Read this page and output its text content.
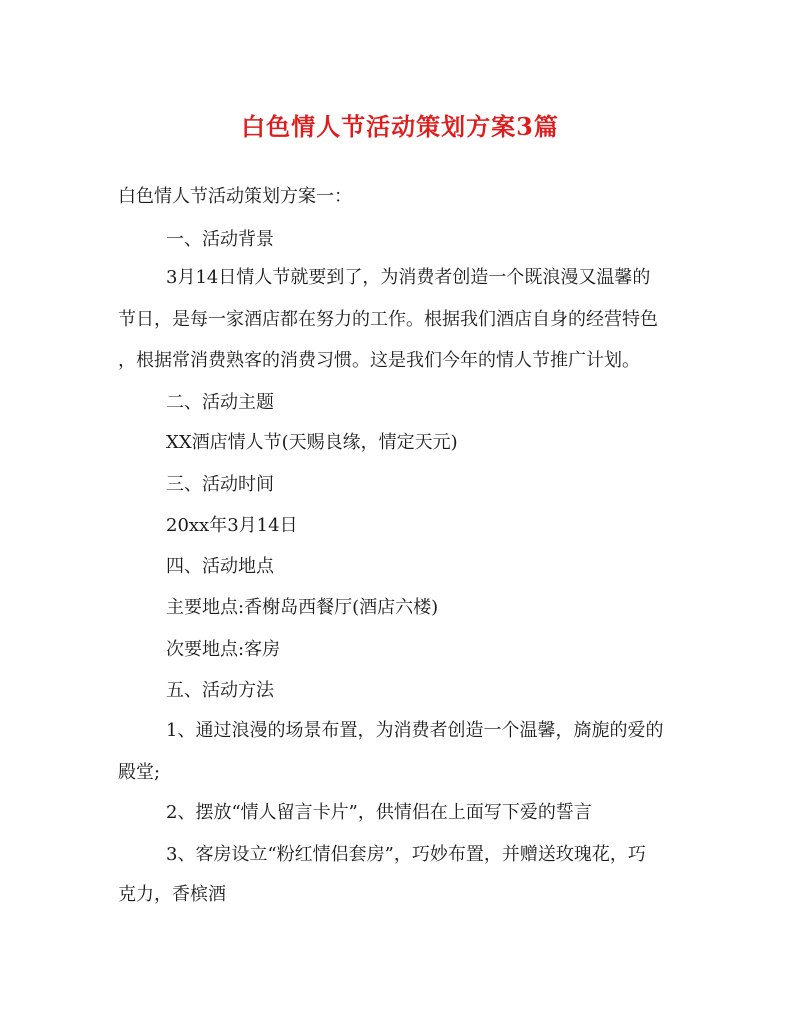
白色情人节活动策划方案3篇
白色情人节活动策划方案一：
一、活动背景
3月14日情人节就要到了，为消费者创造一个既浪漫又温馨的
节日，是每一家酒店都在努力的工作。根据我们酒店自身的经营特色
，根据常消费熟客的消费习惯。这是我们今年的情人节推广计划。
二、活动主题
XX酒店情人节(天赐良缘，情定天元)
三、活动时间
20xx年3月14日
四、活动地点
主要地点:香榭岛西餐厅(酒店六楼)
次要地点:客房
五、活动方法
1、通过浪漫的场景布置，为消费者创造一个温馨，旖旎的爱的
殿堂;
2、摆放“情人留言卡片”，供情侣在上面写下爱的誓言
3、客房设立“粉红情侣套房”，巧妙布置，并赠送玫瑰花，巧
克力，香槟酒
